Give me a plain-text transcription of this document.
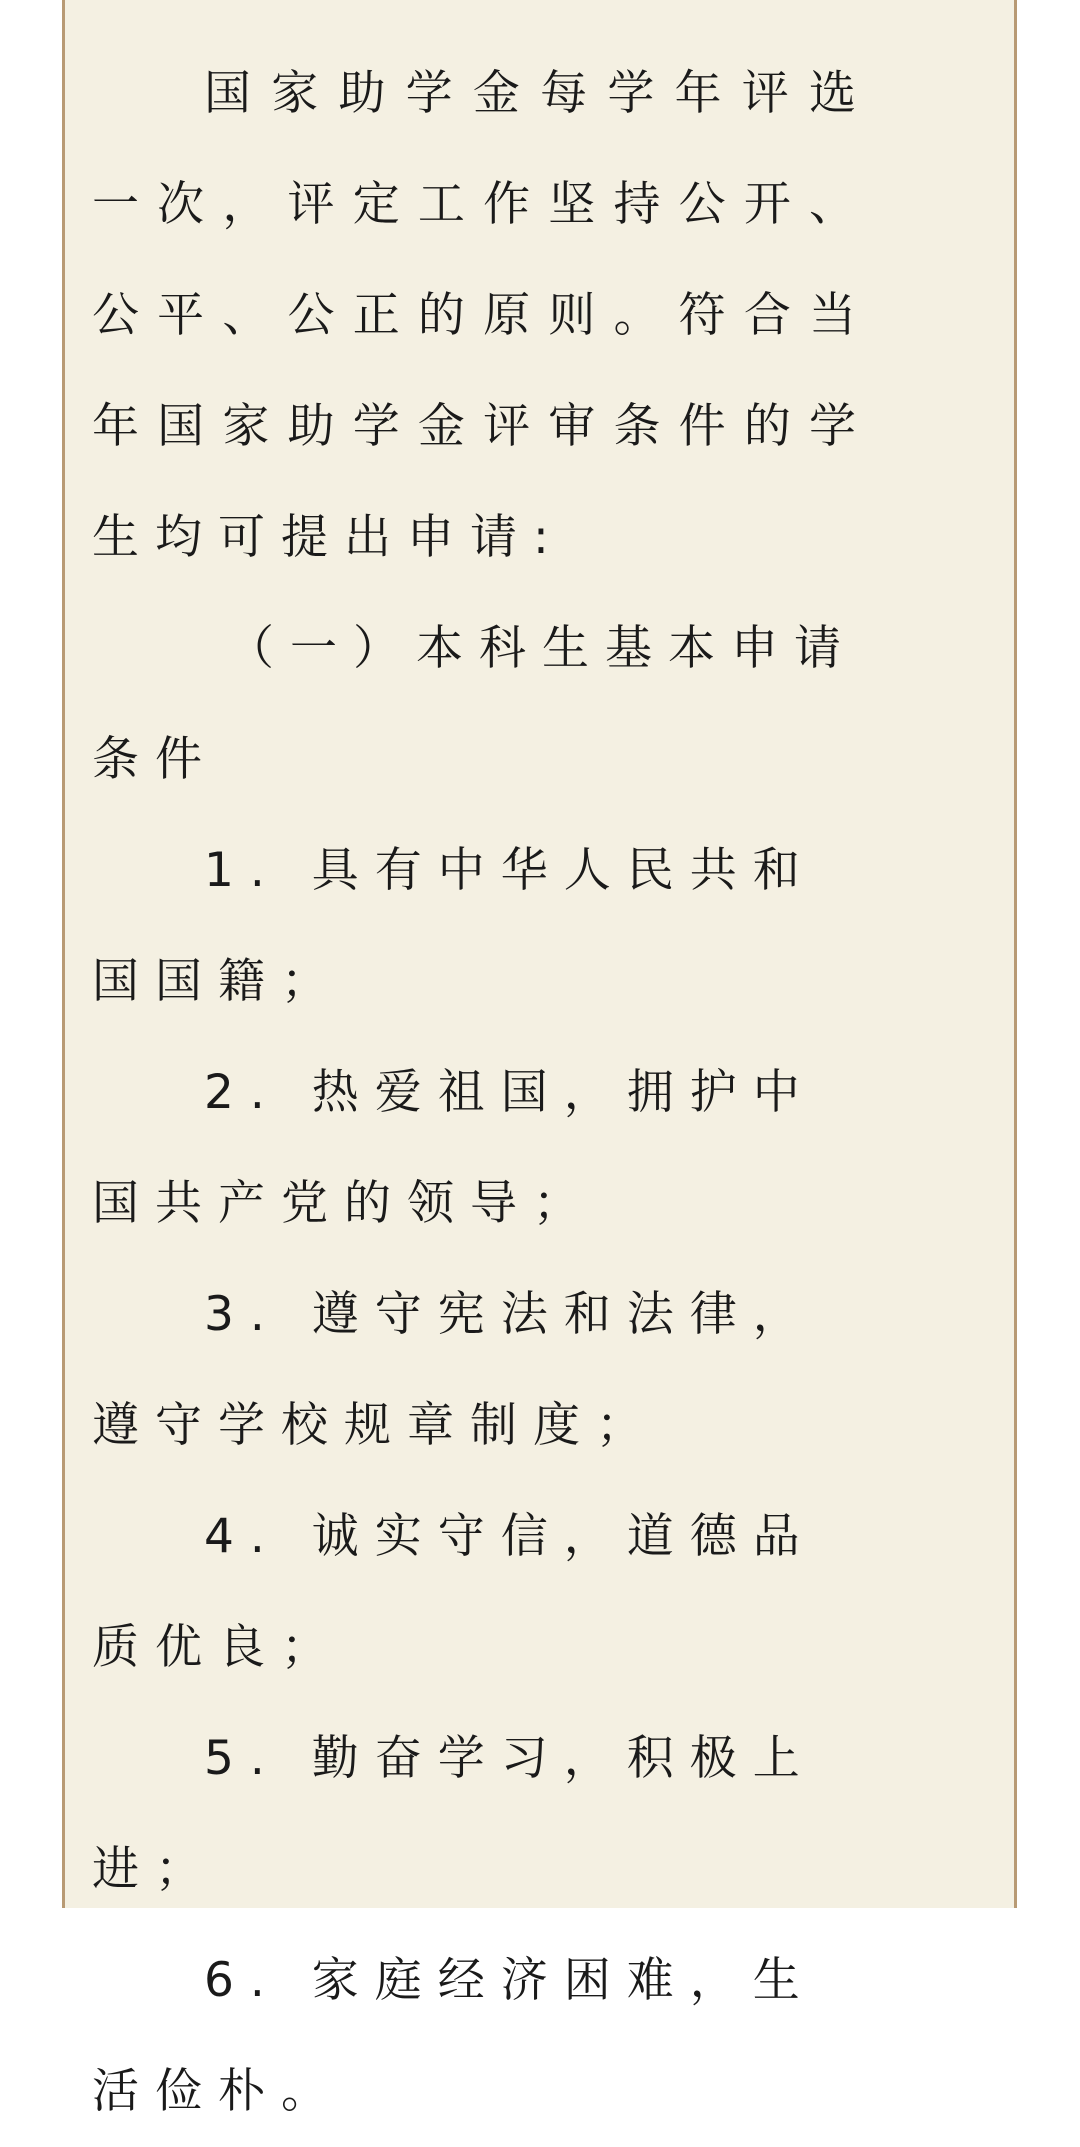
国家助学金每学年评选一次，评定工作坚持公开、公平、公正的原则。符合当年国家助学金评审条件的学生均可提出申请:

（一）本科生基本申请条件

1. 具有中华人民共和国国籍；

2. 热爱祖国，拥护中国共产党的领导；

3. 遵守宪法和法律，遵守学校规章制度；

4. 诚实守信，道德品质优良；

5. 勤奋学习，积极上进；

6. 家庭经济困难，生活俭朴。
